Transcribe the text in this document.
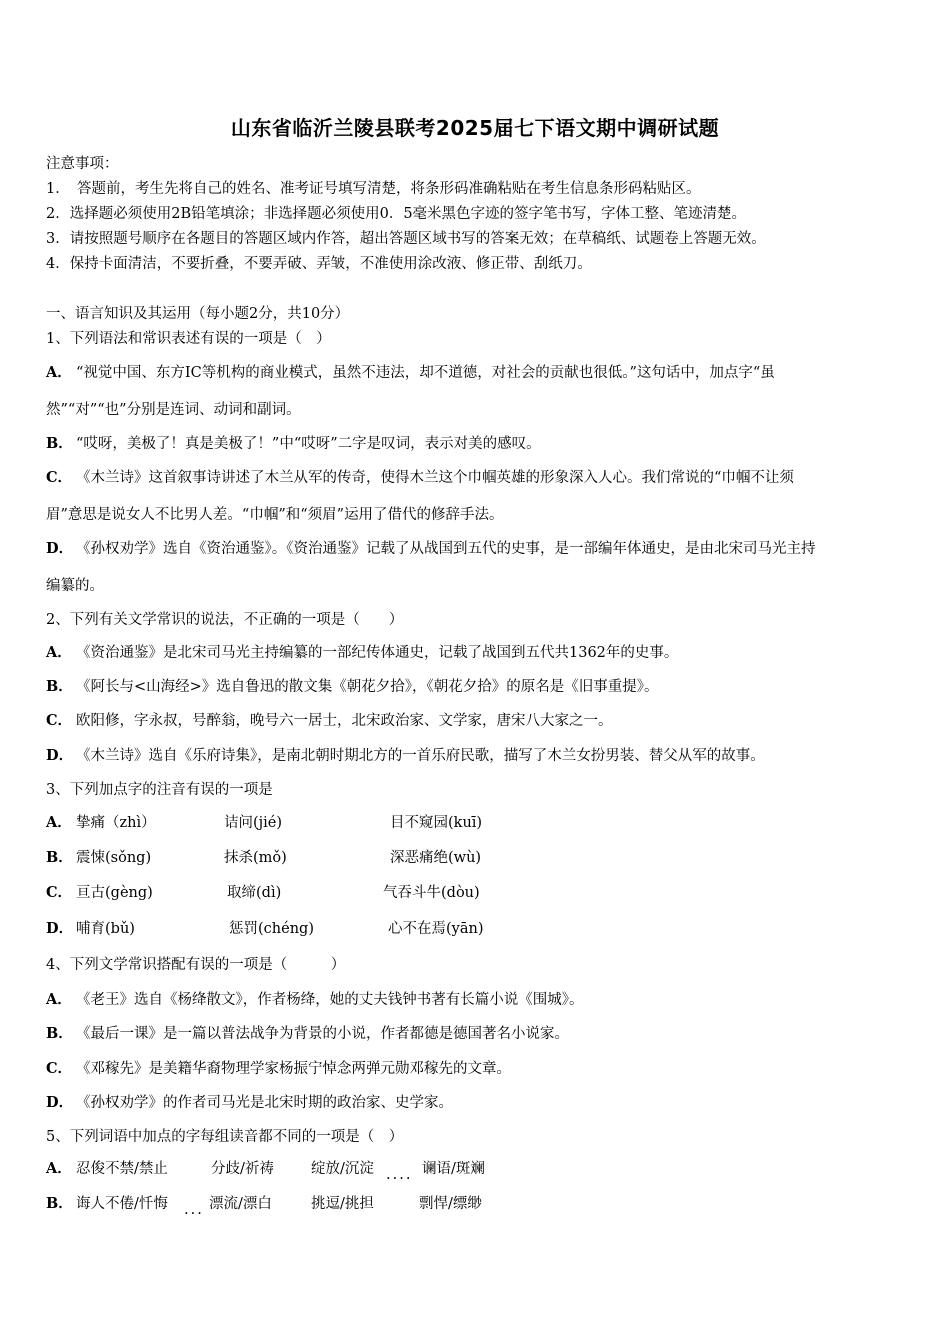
山东省临沂兰陵县联考2025届七下语文期中调研试题
注意事项：
1．　答题前，考生先将自己的姓名、准考证号填写清楚，将条形码准确粘贴在考生信息条形码粘贴区。
2．选择题必须使用2B铅笔填涂；非选择题必须使用0．5毫米黑色字迹的签字笔书写，字体工整、笔迹清楚。
3．请按照题号顺序在各题目的答题区域内作答，超出答题区域书写的答案无效；在草稿纸、试题卷上答题无效。
4．保持卡面清洁，不要折叠，不要弄破、弄皱，不准使用涂改液、修正带、刮纸刀。
一、语言知识及其运用（每小题2分，共10分）
1、下列语法和常识表述有误的一项是（　）
A． “视觉中国、东方IC等机构的商业模式，虽然不违法，却不道德，对社会的贡献也很低。”这句话中，加点字“虽
然”“对”“也”分别是连词、动词和副词。
B． “哎呀，美极了！真是美极了！”中“哎呀”二字是叹词，表示对美的感叹。
C． 《木兰诗》这首叙事诗讲述了木兰从军的传奇，使得木兰这个巾帼英雄的形象深入人心。我们常说的“巾帼不让须
眉”意思是说女人不比男人差。“巾帼”和“须眉”运用了借代的修辞手法。
D． 《孙权劝学》选自《资治通鉴》。《资治通鉴》记载了从战国到五代的史事，是一部编年体通史，是由北宋司马光主持
编纂的。
2、下列有关文学常识的说法，不正确的一项是（　　）
A． 《资治通鉴》是北宋司马光主持编纂的一部纪传体通史，记载了战国到五代共1362年的史事。
B． 《阿长与<山海经>》选自鲁迅的散文集《朝花夕拾》，《朝花夕拾》的原名是《旧事重提》。
C． 欧阳修，字永叔，号醉翁，晚号六一居士，北宋政治家、文学家，唐宋八大家之一。
D． 《木兰诗》选自《乐府诗集》，是南北朝时期北方的一首乐府民歌，描写了木兰女扮男装、替父从军的故事。
3、下列加点字的注音有误的一项是
A． 挚痛（zhì）	诘问(jié)	目不窥园(kuī)
B． 震悚(sǒng)	抹杀(mǒ)	深恶痛绝(wù)
C． 亘古(gèng)	取缔(dì)	气吞斗牛(dòu)
D． 哺育(bǔ)	惩罚(chéng)	心不在焉(yān)
4、下列文学常识搭配有误的一项是（　　　）
A． 《老王》选自《杨绛散文》，作者杨绛，她的丈夫钱钟书著有长篇小说《围城》。
B． 《最后一课》是一篇以普法战争为背景的小说，作者都德是德国著名小说家。
C． 《邓稼先》是美籍华裔物理学家杨振宁悼念两弹元勋邓稼先的文章。
D． 《孙权劝学》的作者司马光是北宋时期的政治家、史学家。
5、下列词语中加点的字每组读音都不同的一项是（　）
A． 忍俊不禁/禁止	分歧/祈祷	绽放/沉淀 .... 谰语/斑斓
B． 诲人不倦/忏悔 ... 漂流/漂白	挑逗/挑担	剽悍/缥缈
